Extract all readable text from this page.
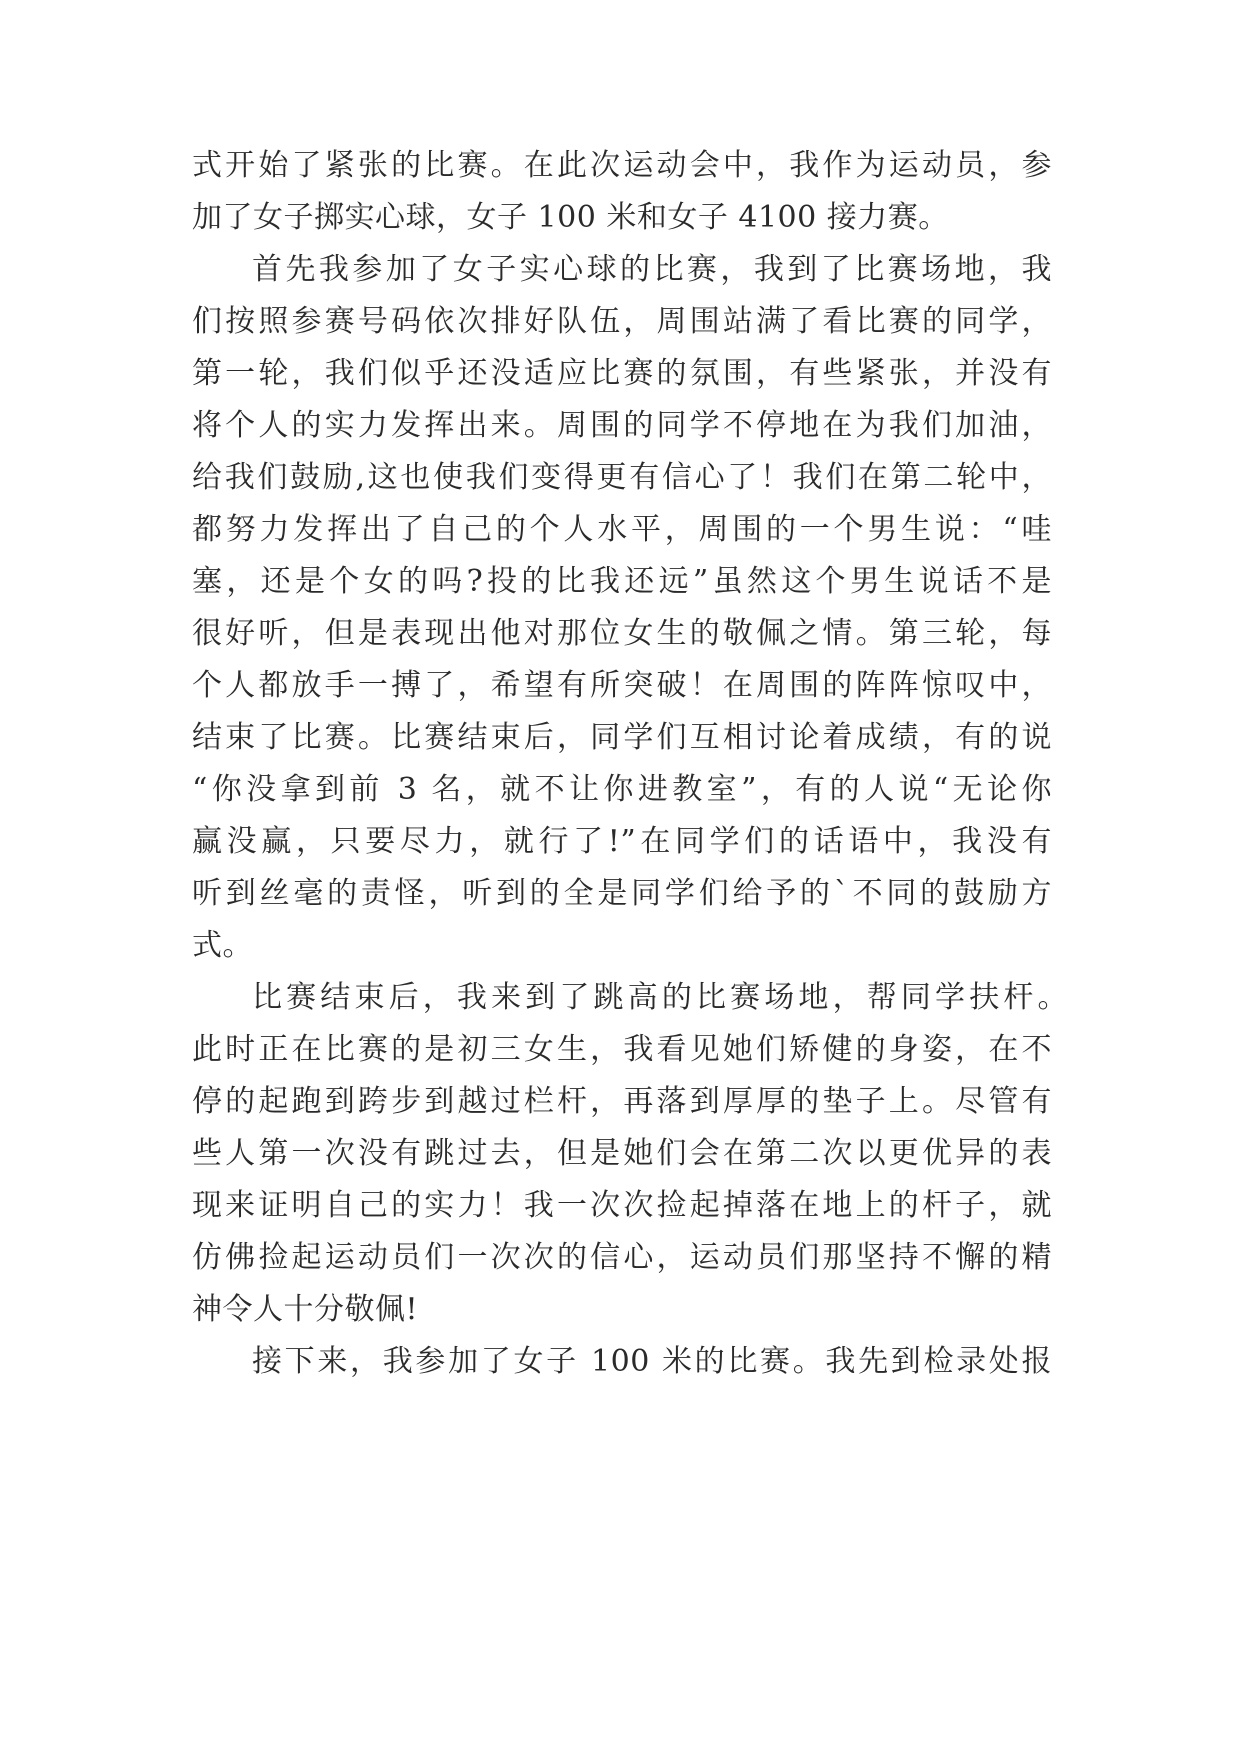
式开始了紧张的比赛。在此次运动会中，我作为运动员，参
加了女子掷实心球，女子 100 米和女子 4100 接力赛。
首先我参加了女子实心球的比赛，我到了比赛场地，我
们按照参赛号码依次排好队伍，周围站满了看比赛的同学，
第一轮，我们似乎还没适应比赛的氛围，有些紧张，并没有
将个人的实力发挥出来。周围的同学不停地在为我们加油，
给我们鼓励,这也使我们变得更有信心了！我们在第二轮中，
都努力发挥出了自己的个人水平，周围的一个男生说：“哇
塞，还是个女的吗?投的比我还远”虽然这个男生说话不是
很好听，但是表现出他对那位女生的敬佩之情。第三轮，每
个人都放手一搏了，希望有所突破！在周围的阵阵惊叹中，
结束了比赛。比赛结束后，同学们互相讨论着成绩，有的说
“你没拿到前 3 名，就不让你进教室”，有的人说“无论你
赢没赢，只要尽力，就行了!”在同学们的话语中，我没有
听到丝毫的责怪，听到的全是同学们给予的`不同的鼓励方
式。
比赛结束后，我来到了跳高的比赛场地，帮同学扶杆。
此时正在比赛的是初三女生，我看见她们矫健的身姿，在不
停的起跑到跨步到越过栏杆，再落到厚厚的垫子上。尽管有
些人第一次没有跳过去，但是她们会在第二次以更优异的表
现来证明自己的实力！我一次次捡起掉落在地上的杆子，就
仿佛捡起运动员们一次次的信心，运动员们那坚持不懈的精
神令人十分敬佩!
接下来，我参加了女子 100 米的比赛。我先到检录处报
